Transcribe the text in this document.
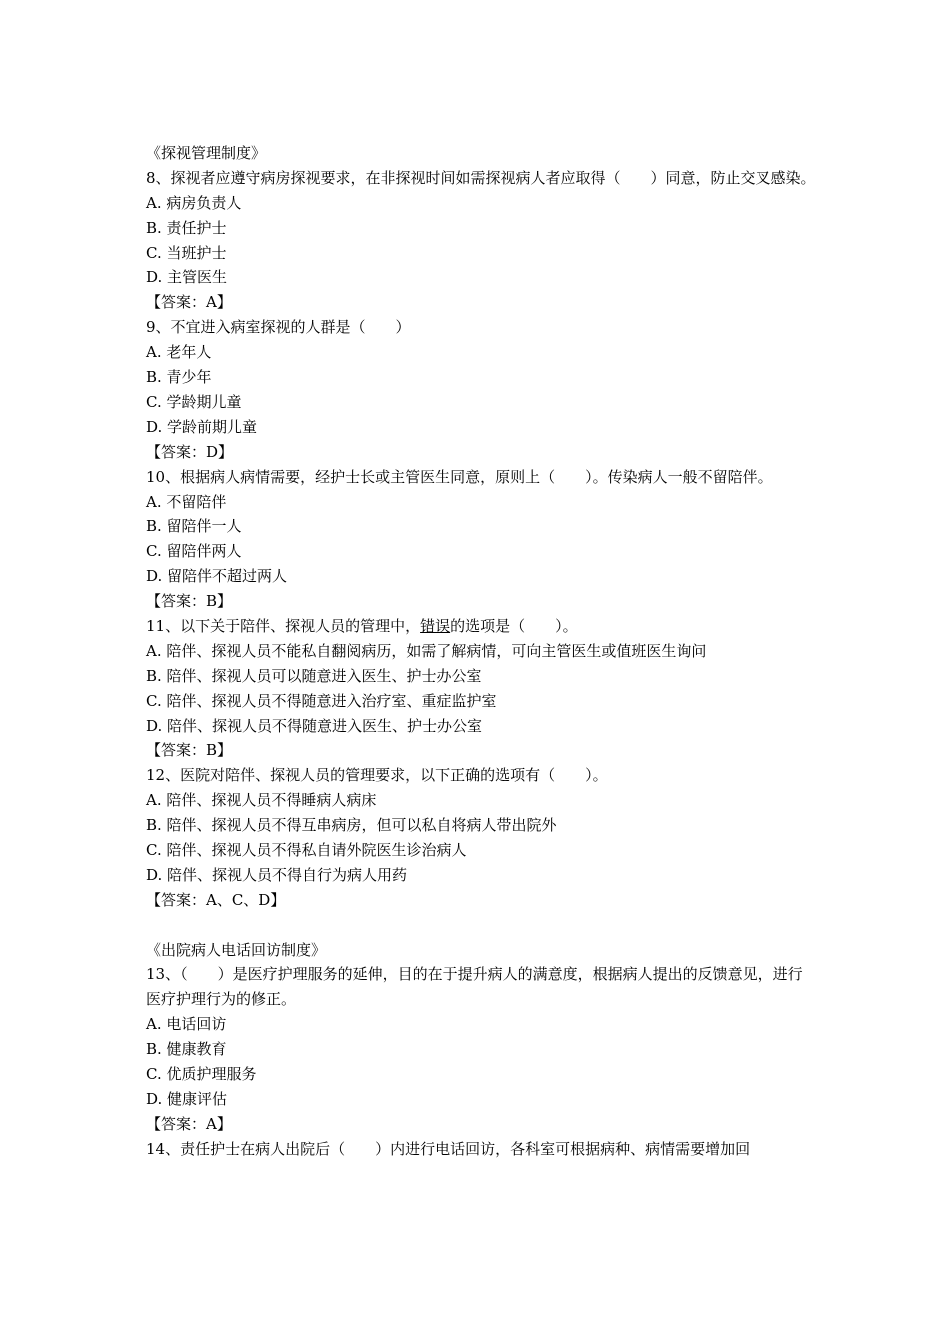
《探视管理制度》
8、探视者应遵守病房探视要求，在非探视时间如需探视病人者应取得（　　）同意，防止交叉感染。
A. 病房负责人
B. 责任护士
C. 当班护士
D. 主管医生
【答案：A】
9、不宜进入病室探视的人群是（　　）
A. 老年人
B. 青少年
C. 学龄期儿童
D. 学龄前期儿童
【答案：D】
10、根据病人病情需要，经护士长或主管医生同意，原则上（　　）。传染病人一般不留陪伴。
A. 不留陪伴
B. 留陪伴一人
C. 留陪伴两人
D. 留陪伴不超过两人
【答案：B】
11、以下关于陪伴、探视人员的管理中，错误的选项是（　　）。
A. 陪伴、探视人员不能私自翻阅病历，如需了解病情，可向主管医生或值班医生询问
B. 陪伴、探视人员可以随意进入医生、护士办公室
C. 陪伴、探视人员不得随意进入治疗室、重症监护室
D. 陪伴、探视人员不得随意进入医生、护士办公室
【答案：B】
12、医院对陪伴、探视人员的管理要求，以下正确的选项有（　　）。
A. 陪伴、探视人员不得睡病人病床
B. 陪伴、探视人员不得互串病房，但可以私自将病人带出院外
C. 陪伴、探视人员不得私自请外院医生诊治病人
D. 陪伴、探视人员不得自行为病人用药
【答案：A、C、D】
《出院病人电话回访制度》
13、（　　）是医疗护理服务的延伸，目的在于提升病人的满意度，根据病人提出的反馈意见，进行医疗护理行为的修正。
A. 电话回访
B. 健康教育
C. 优质护理服务
D. 健康评估
【答案：A】
14、责任护士在病人出院后（　　）内进行电话回访，各科室可根据病种、病情需要增加回
